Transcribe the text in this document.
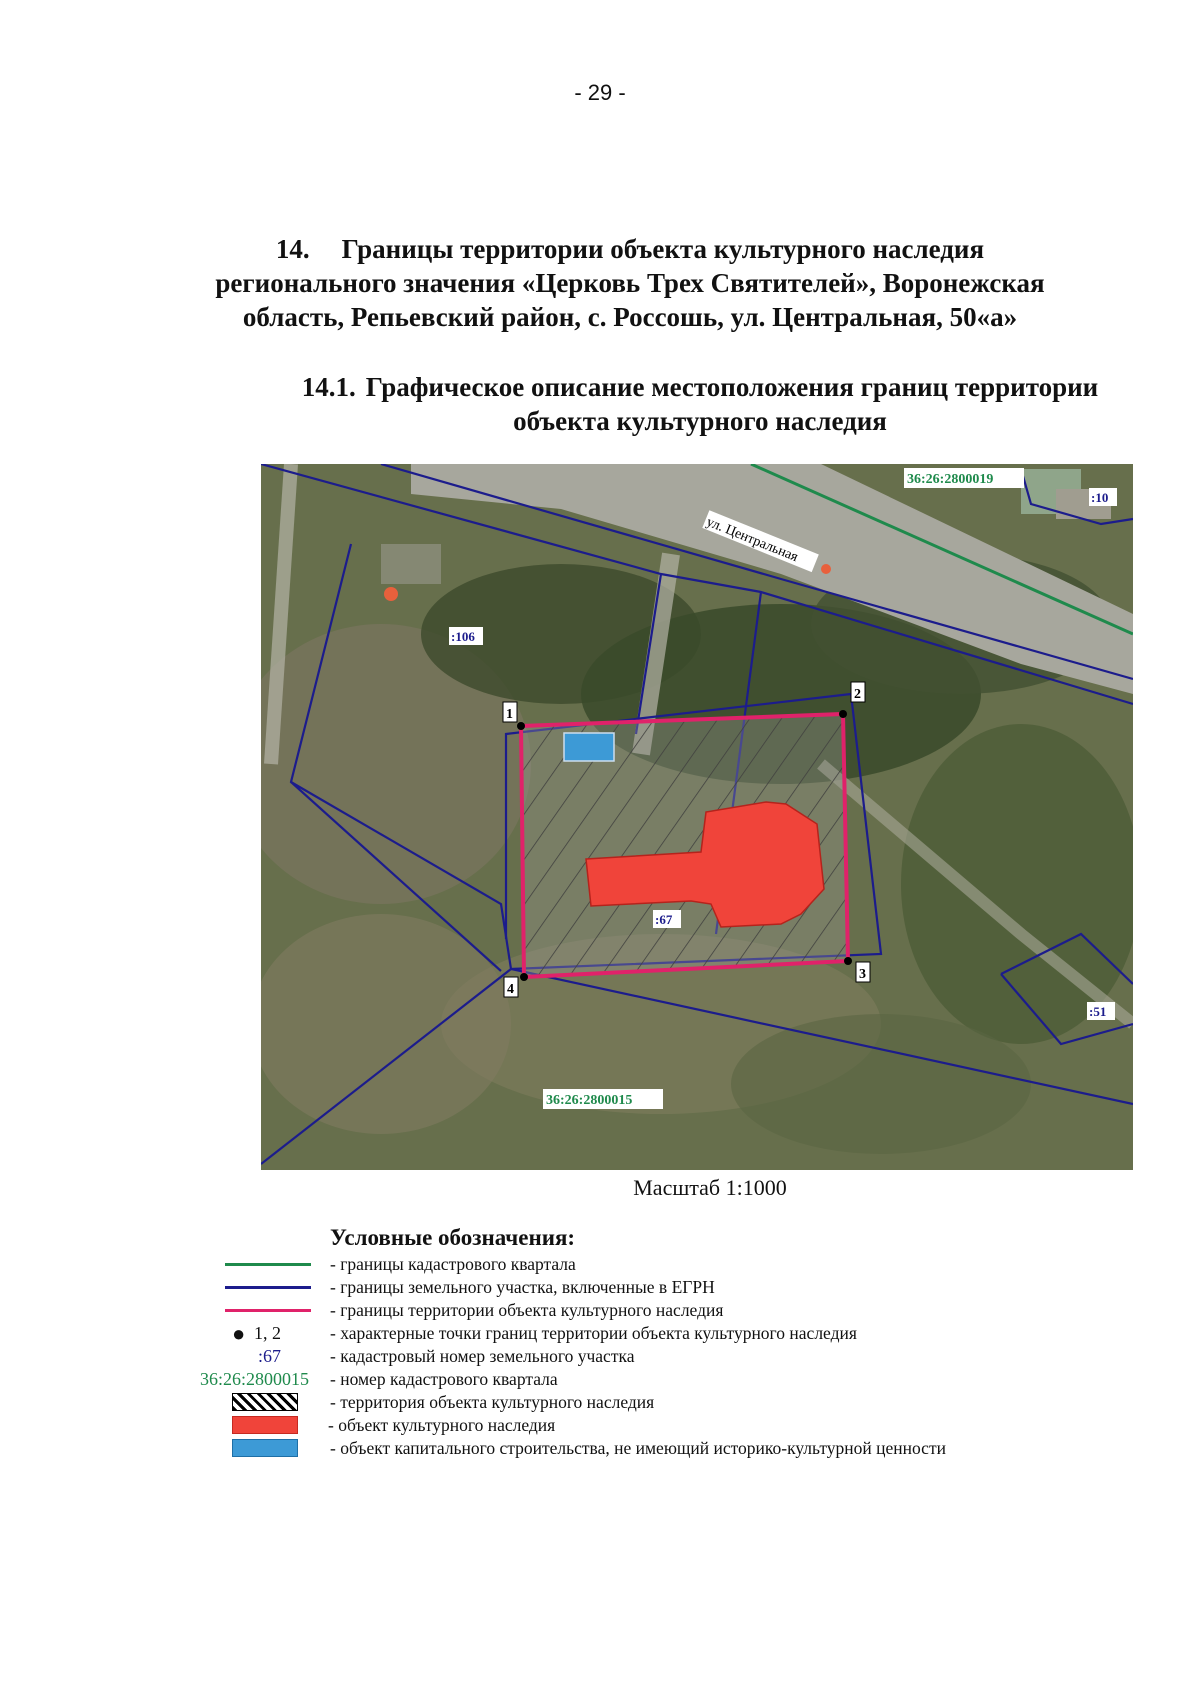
- 29 -
14. Границы территории объекта культурного наследия
регионального значения «Церковь Трех Святителей», Воронежская
область, Репьевский район, с. Россошь, ул. Центральная, 50«а»
14.1. Графическое описание местоположения границ территории
объекта культурного наследия
36:26:2800019
36:26:2800015
:10
:106
:67
:51
1
2
3
4
ул. Центральная
Масштаб 1:1000
Условные обозначения:
- границы кадастрового квартала
- границы земельного участка, включенные в ЕГРН
- границы территории объекта культурного наследия
● 1, 2	- характерные точки границ территории объекта культурного наследия
:67	- кадастровый номер земельного участка
36:26:2800015 - номер кадастрового квартала
- территория объекта культурного наследия
- объект культурного наследия
- объект капитального строительства, не имеющий историко-культурной ценности
